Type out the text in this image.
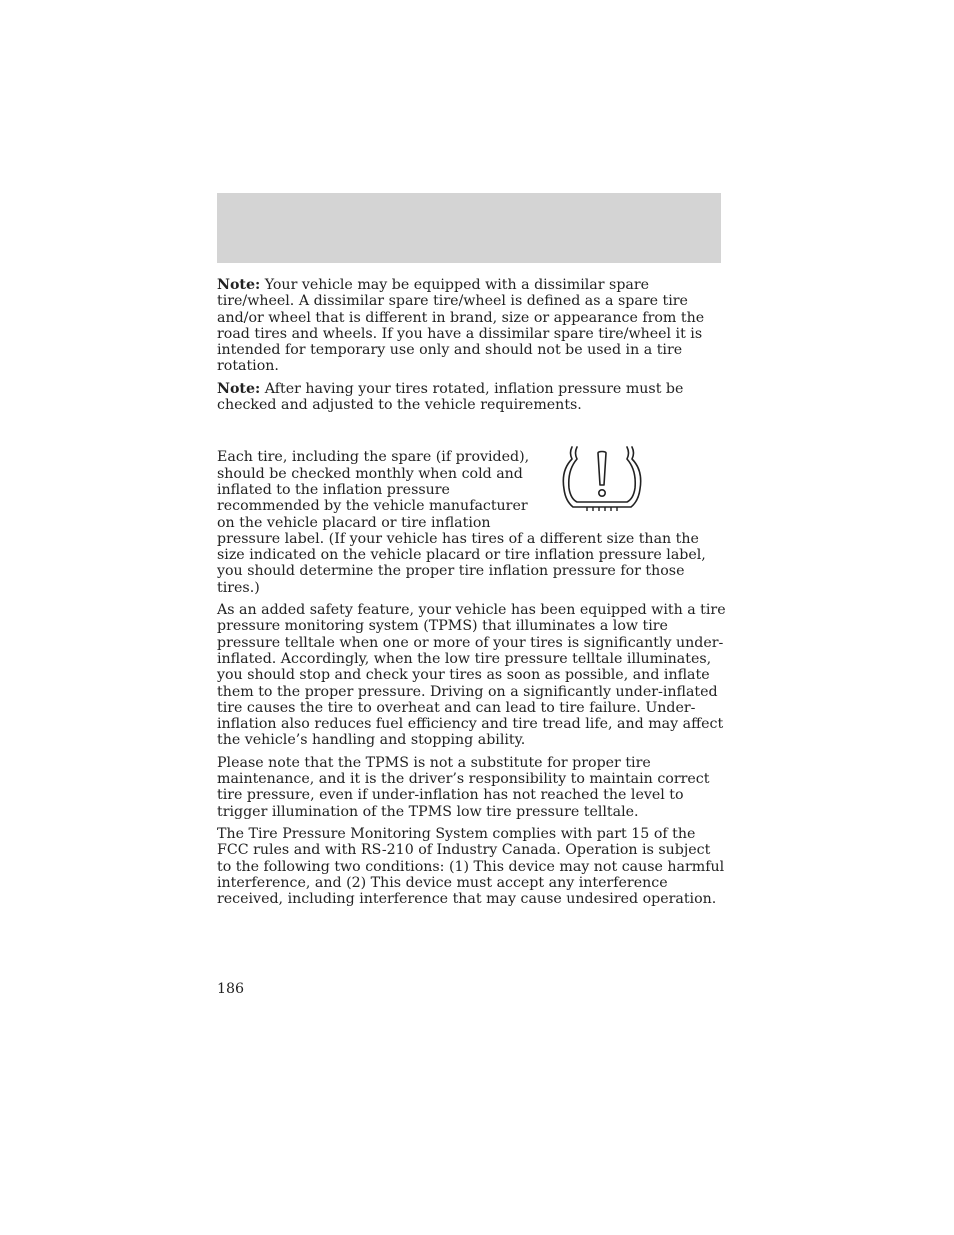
Note: Your vehicle may be equipped with a dissimilar spare tire/wheel. A dissimilar spare tire/wheel is defined as a spare tire and/or wheel that is different in brand, size or appearance from the road tires and wheels. If you have a dissimilar spare tire/wheel it is intended for temporary use only and should not be used in a tire rotation.

Note: After having your tires rotated, inflation pressure must be checked and adjusted to the vehicle requirements.

Each tire, including the spare (if provided), should be checked monthly when cold and inflated to the inflation pressure recommended by the vehicle manufacturer on the vehicle placard or tire inflation pressure label. (If your vehicle has tires of a different size than the size indicated on the vehicle placard or tire inflation pressure label, you should determine the proper tire inflation pressure for those tires.)

As an added safety feature, your vehicle has been equipped with a tire pressure monitoring system (TPMS) that illuminates a low tire pressure telltale when one or more of your tires is significantly under-inflated. Accordingly, when the low tire pressure telltale illuminates, you should stop and check your tires as soon as possible, and inflate them to the proper pressure. Driving on a significantly under-inflated tire causes the tire to overheat and can lead to tire failure. Under-inflation also reduces fuel efficiency and tire tread life, and may affect the vehicle’s handling and stopping ability.

Please note that the TPMS is not a substitute for proper tire maintenance, and it is the driver’s responsibility to maintain correct tire pressure, even if under-inflation has not reached the level to trigger illumination of the TPMS low tire pressure telltale.

The Tire Pressure Monitoring System complies with part 15 of the FCC rules and with RS-210 of Industry Canada. Operation is subject to the following two conditions: (1) This device may not cause harmful interference, and (2) This device must accept any interference received, including interference that may cause undesired operation.

186
